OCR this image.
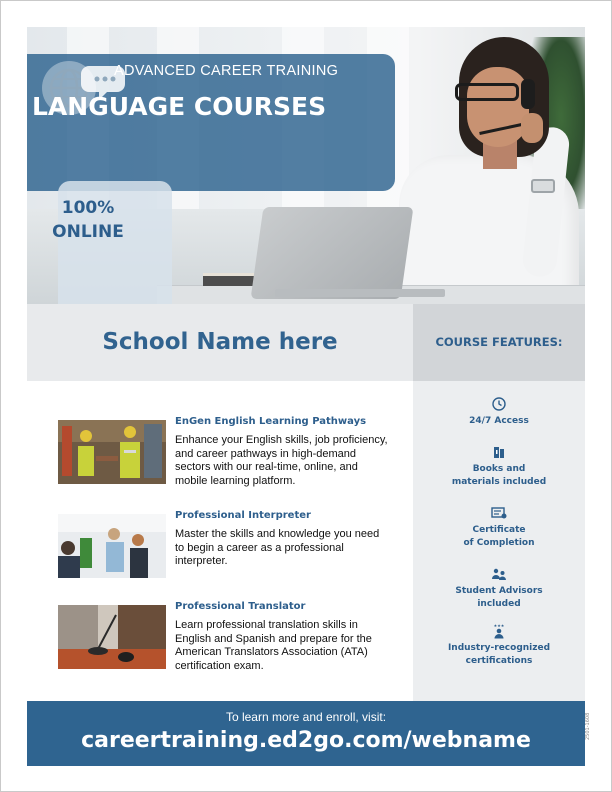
ADVANCED CAREER TRAINING
LANGUAGE COURSES
100%
ONLINE
School Name here	COURSE FEATURES:
24/7 Access
Books and
materials included
Certificate
of Completion
Student Advisors
included
★★★
Industry-recognized
certifications
EnGen English Learning Pathways
Enhance your English skills, job proficiency, and career pathways in high-demand sectors with our real-time, online, and mobile learning platform.
Professional Interpreter
Master the skills and knowledge you need to begin a career as a professional interpreter.
Professional Translator
Learn professional translation skills in English and Spanish and prepare for the American Translators Association (ATA) certification exam.
To learn more and enroll, visit:
careertraining.ed2go.com/webname
2501-1608
